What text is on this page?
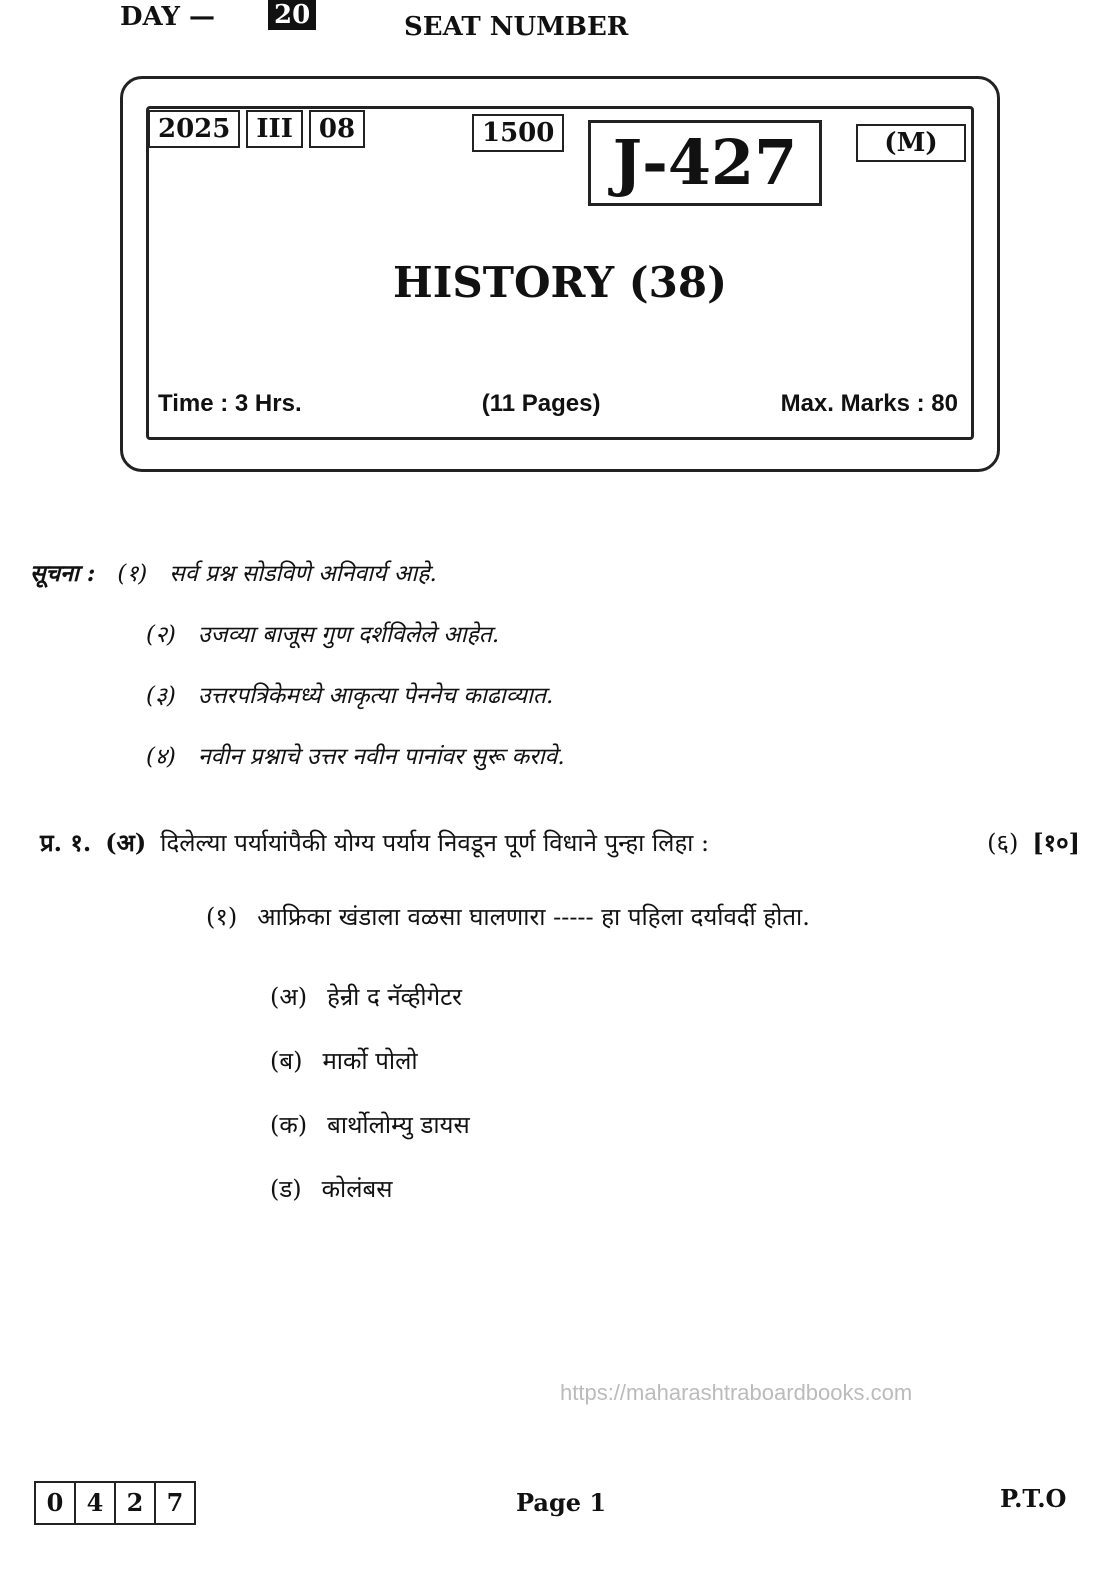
https://maharashtraboardbooks.com
DAY — 20	SEAT NUMBER
2025	III	08	1500 J-427	(M)
HISTORY (38)
Time : 3 Hrs.	(11 Pages)	Max. Marks : 80
सूचना : (१) सर्व प्रश्न सोडविणे अनिवार्य आहे.
(२) उजव्या बाजूस गुण दर्शविलेले आहेत.
(३) उत्तरपत्रिकेमध्ये आकृत्या पेननेच काढाव्यात.
(४) नवीन प्रश्नाचे उत्तर नवीन पानांवर सुरू करावे.
प्र. १. (अ) दिलेल्या पर्यायांपैकी योग्य पर्याय निवडून पूर्ण विधाने पुन्हा लिहा :	(६) [१०]
(१) आफ्रिका खंडाला वळसा घालणारा ----- हा पहिला दर्यावर्दी होता.
(अ) हेन्री द नॅव्हीगेटर
(ब) मार्को पोलो
(क) बार्थोलोम्यु डायस
(ड) कोलंबस
0 4 2 7	Page 1	P.T.O
